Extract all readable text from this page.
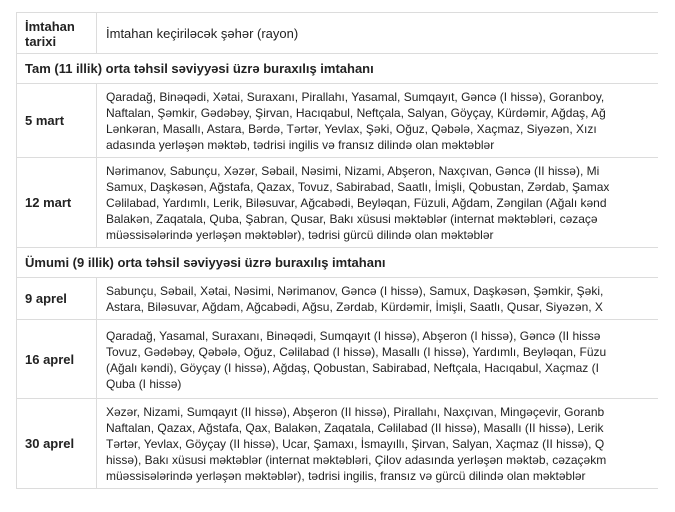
İmtahan
tarixi	İmtahan keçiriləcək şəhər (rayon)
Tam (11 illik) orta təhsil səviyyəsi üzrə buraxılış imtahanı	
5 mart	Qaradağ, Binəqədi, Xətai, Suraxanı, Pirallahı, Yasamal, Sumqayıt, Gəncə (I hissə), Goranboy,
Naftalan, Şəmkir, Gədəbəy, Şirvan, Hacıqabul, Neftçala, Salyan, Göyçay, Kürdəmir, Ağdaş, Ağ
Lənkəran, Masallı, Astara, Bərdə, Tərtər, Yevlax, Şəki, Oğuz, Qəbələ, Xaçmaz, Siyəzən, Xızı
adasında yerləşən məktəb, tədrisi ingilis və fransız dilində olan məktəblər

12 mart	Nərimanov, Sabunçu, Xəzər, Səbail, Nəsimi, Nizami, Abşeron, Naxçıvan, Gəncə (II hissə), Mi
Samux, Daşkəsən, Ağstafa, Qazax, Tovuz, Sabirabad, Saatlı, İmişli, Qobustan, Zərdab, Şamax
Cəlilabad, Yardımlı, Lerik, Biləsuvar, Ağcabədi, Beyləqan, Füzuli, Ağdam, Zəngilan (Ağalı kənd
Balakən, Zaqatala, Quba, Şabran, Qusar, Bakı xüsusi məktəblər (internat məktəbləri, cəzaçə
müəssisələrində yerləşən məktəblər), tədrisi gürcü dilində olan məktəblər

Ümumi (9 illik) orta təhsil səviyyəsi üzrə buraxılış imtahanı	
9 aprel	Sabunçu, Səbail, Xətai, Nəsimi, Nərimanov, Gəncə (I hissə), Samux, Daşkəsən, Şəmkir, Şəki,
Astara, Biləsuvar, Ağdam, Ağcabədi, Ağsu, Zərdab, Kürdəmir, İmişli, Saatlı, Qusar, Siyəzən, X

16 aprel	Qaradağ, Yasamal, Suraxanı, Binəqədi, Sumqayıt (I hissə), Abşeron (I hissə), Gəncə (II hissə
Tovuz, Gədəbəy, Qəbələ, Oğuz, Cəlilabad (I hissə), Masallı (I hissə), Yardımlı, Beyləqan, Füzu
(Ağalı kəndi), Göyçay (I hissə), Ağdaş, Qobustan, Sabirabad, Neftçala, Hacıqabul, Xaçmaz (I
Quba (I hissə)

30 aprel	Xəzər, Nizami, Sumqayıt (II hissə), Abşeron (II hissə), Pirallahı, Naxçıvan, Mingəçevir, Goranb
Naftalan, Qazax, Ağstafa, Qax, Balakən, Zaqatala, Cəlilabad (II hissə), Masallı (II hissə), Lerik
Tərtər, Yevlax, Göyçay (II hissə), Ucar, Şamaxı, İsmayıllı, Şirvan, Salyan, Xaçmaz (II hissə), Q
hissə), Bakı xüsusi məktəblər (internat məktəbləri, Çilov adasında yerləşən məktəb, cəzaçəkm
müəssisələrində yerləşən məktəblər), tədrisi ingilis, fransız və gürcü dilində olan məktəblər
